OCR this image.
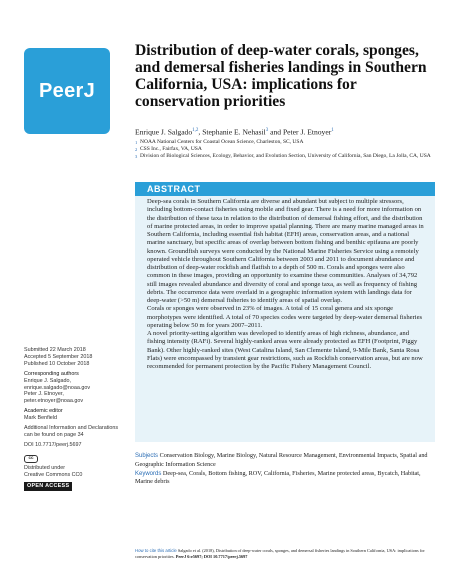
PeerJ
Distribution of deep-water corals, sponges, and demersal fisheries landings in Southern California, USA: implications for conservation priorities
Enrique J. Salgado$^{1,2}$, Stephanie E. Nehasil$^3$ and Peter J. Etnoyer$^1$
1 NOAA National Centers for Coastal Ocean Science, Charleston, SC, USA
2 CSS Inc., Fairfax, VA, USA
3 Division of Biological Sciences, Ecology, Behavior, and Evolution Section, University of California, San Diego, La Jolla, CA, USA
ABSTRACT

Deep-sea corals in Southern California are diverse and abundant but subject to multiple stressors, including bottom-contact fisheries using mobile and fixed gear. There is a need for more information on the distribution of these taxa in relation to the distribution of demersal fishing effort, and the distribution of marine protected areas, in order to improve spatial planning. There are many marine managed areas in Southern California, including essential fish habitat (EFH) areas, conservation areas, and a national marine sanctuary, but specific areas of overlap between bottom fishing and benthic epifauna are poorly known. Groundfish surveys were conducted by the National Marine Fisheries Service using a remotely operated vehicle throughout Southern California between 2003 and 2011 to document abundance and distribution of deep-water rockfish and flatfish to a depth of 500 m. Corals and sponges were also common in these images, providing an opportunity to examine these communities. Analyses of 34,792 still images revealed abundance and diversity of coral and sponge taxa, as well as frequency of fishing debris. The occurrence data were overlaid in a geographic information system with landings data for deep-water (>50 m) demersal fisheries to identify areas of spatial overlap.

Corals or sponges were observed in 23% of images. A total of 15 coral genera and six sponge morphotypes were identified. A total of 70 species codes were targeted by deep-water demersal fisheries operating below 50 m for years 2007–2011.

A novel priority-setting algorithm was developed to identify areas of high richness, abundance, and fishing intensity (RAFi). Several highly-ranked areas were already protected as EFH (Footprint, Piggy Bank). Other highly-ranked sites (West Catalina Island, San Clemente Island, 9-Mile Bank, Santa Rosa Flats) were encompassed by transient gear restrictions, such as Rockfish conservation areas, but are now recommended for permanent protection by the Pacific Fishery Management Council.

Subjects Conservation Biology, Marine Biology, Natural Resource Management, Environmental Impacts, Spatial and Geographic Information Science
Keywords Deep-sea, Corals, Bottom fishing, ROV, California, Fisheries, Marine protected areas, Bycatch, Habitat, Marine debris
Submitted 22 March 2018
Accepted 5 September 2018
Published 10 October 2018
Corresponding authors
Enrique J. Salgado,
enrique.salgado@noaa.gov
Peter J. Etnoyer,
peter.etnoyer@noaa.gov
Academic editor
Mark Benfield
Additional Information and Declarations can be found on page 34
DOI 10.7717/peerj.5697
cc
Distributed under
Creative Commons CC0
OPEN ACCESS
How to cite this article Salgado et al. (2018), Distribution of deep-water corals, sponges, and demersal fisheries landings in Southern California, USA: implications for conservation priorities. PeerJ 6:e5697; DOI 10.7717/peerj.5697
